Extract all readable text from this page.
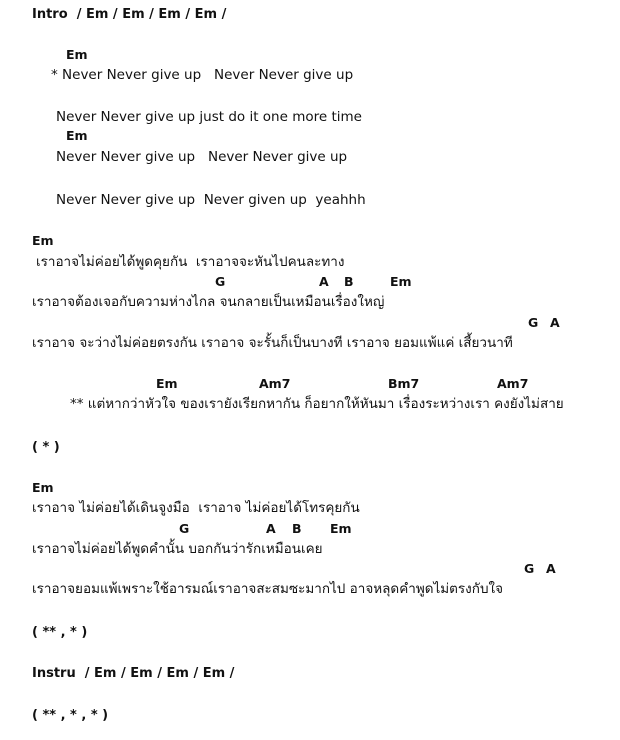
Intro  / Em / Em / Em / Em /
Em
* Never Never give up   Never Never give up
Never Never give up just do it one more time
Em
Never Never give up   Never Never give up
Never Never give up  Never given up  yeahhh
Em
เราอาจไม่ค่อยได้พูดคุยกัน  เราอาจจะหันไปคนละทาง
G	A B	Em
เราอาจต้องเจอกับความห่างไกล จนกลายเป็นเหมือนเรื่องใหญ่
G A
เราอาจ จะว่างไม่ค่อยตรงกัน เราอาจ จะรั้นก็เป็นบางที เราอาจ ยอมแพ้แค่ เสี้ยวนาที
Em	Am7	Bm7	Am7
** แต่หากว่าหัวใจ ของเรายังเรียกหากัน ก็อยากให้หันมา เรื่องระหว่างเรา คงยังไม่สาย
( * )
Em
เราอาจ ไม่ค่อยได้เดินจูงมือ  เราอาจ ไม่ค่อยได้โทรคุยกัน
G	A B Em
เราอาจไม่ค่อยได้พูดคำนั้น บอกกันว่ารักเหมือนเคย
G A
เราอาจยอมแพ้เพราะใช้อารมณ์เราอาจสะสมซะมากไป อาจหลุดคำพูดไม่ตรงกับใจ
( ** , * )
Instru  / Em / Em / Em / Em /
( ** , * , * )
